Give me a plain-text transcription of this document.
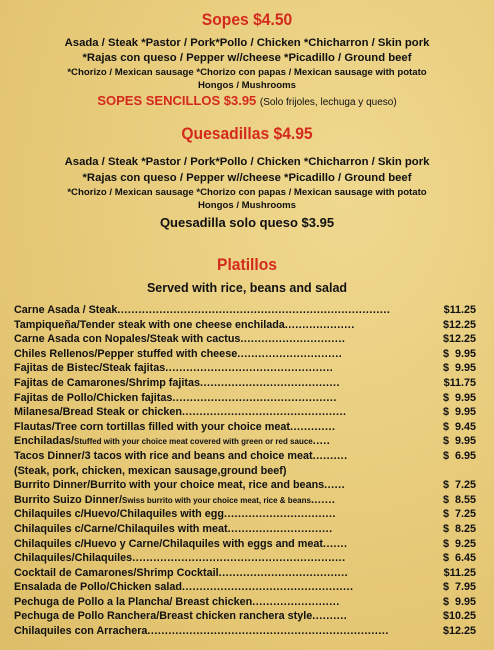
Sopes $4.50
Asada / Steak *Pastor / Pork*Pollo / Chicken *Chicharron / Skin pork
*Rajas con queso / Pepper w//cheese *Picadillo / Ground beef
*Chorizo / Mexican sausage *Chorizo con papas / Mexican sausage with potato
Hongos / Mushrooms
SOPES SENCILLOS $3.95 (Solo frijoles, lechuga y queso)
Quesadillas $4.95
Asada / Steak *Pastor / Pork*Pollo / Chicken *Chicharron / Skin pork
*Rajas con queso / Pepper w//cheese *Picadillo / Ground beef
*Chorizo / Mexican sausage *Chorizo con papas / Mexican sausage with potato
Hongos / Mushrooms
Quesadilla solo queso $3.95
Platillos
Served with rice, beans and salad
Carne Asada / Steak..............................................................................	$11.25
Tampiqueña/Tender steak with one cheese enchilada....................	$12.25
Carne Asada con Nopales/Steak with cactus..............................	$12.25
Chiles Rellenos/Pepper stuffed with cheese..............................	$  9.95
Fajitas de Bistec/Steak fajitas................................................	$  9.95
Fajitas de Camarones/Shrimp fajitas........................................	$11.75
Fajitas de Pollo/Chicken fajitas...............................................	$  9.95
Milanesa/Bread Steak or chicken...............................................	$  9.95
Flautas/Tree corn tortillas filled with your choice meat.............	$  9.45
Enchiladas/Stuffed with your choice meat covered with green or red sauce.....	$  9.95
Tacos Dinner/3 tacos with rice and beans and choice meat..........	$  6.95
(Steak, pork, chicken, mexican sausage,ground beef)
Burrito Dinner/Burrito with your choice meat, rice and beans......	$  7.25
Burrito Suizo Dinner/Swiss burrito with your choice meat, rice & beans.......	$  8.55
Chilaquiles c/Huevo/Chilaquiles with egg................................	$  7.25
Chilaquiles c/Carne/Chilaquiles with meat..............................	$  8.25
Chilaquiles c/Huevo y Carne/Chilaquiles with eggs and meat.......	$  9.25
Chilaquiles/Chilaquiles.............................................................	$  6.45
Cocktail de Camarones/Shrimp Cocktail.....................................	$11.25
Ensalada de Pollo/Chicken salad.................................................	$  7.95
Pechuga de Pollo a la Plancha/ Breast chicken.........................	$  9.95
Pechuga de Pollo Ranchera/Breast chicken ranchera style..........	$10.25
Chilaquiles con Arrachera.....................................................................	$12.25
